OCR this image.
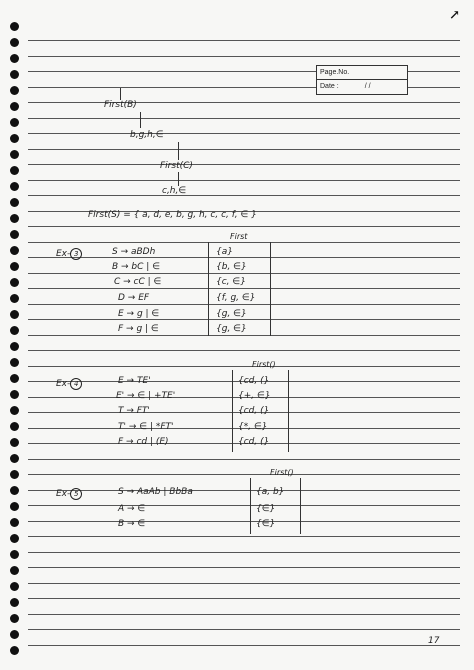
↗
Page.No.
Date :	/ /
First(B)
b,g,h,∈
First(C)
c,h,∈
First(S) = { a, d, e, b, g, h, c, c, f, ∈ }
Ex- 3
First
S → aBDh	{a}
B → bC | ∈	{b, ∈}
C → cC | ∈	{c, ∈}
D → EF	{f, g, ∈}
E → g | ∈	{g, ∈}
F → g | ∈	{g, ∈}
Ex- 4
First()
E → TE'	{cd, (}
E' → ∈ | +TE'	{+, ∈}
T → FT'	{cd, (}
T' → ∈ | *FT'	{*, ∈}
F → cd | (E)	{cd, (}
Ex- 5
First()
S → AaAb | BbBa	{a, b}
A → ∈	{∈}
B → ∈	{∈}
17
